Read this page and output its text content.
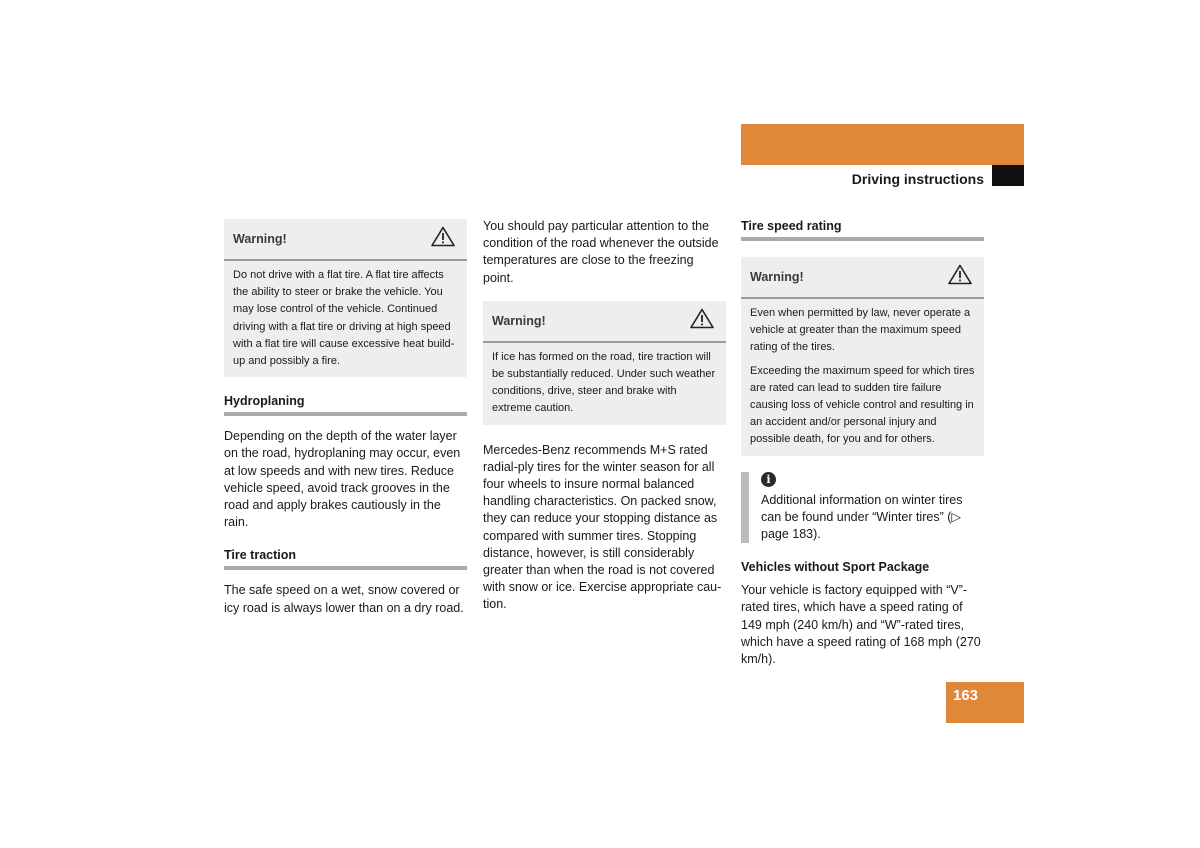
Operation
Driving instructions
Warning!
Do not drive with a flat tire. A flat tire affects the ability to steer or brake the vehicle. You may lose control of the vehicle. Continued driving with a flat tire or driving at high speed with a flat tire will cause excessive heat build-up and possibly a fire.
Hydroplaning

Depending on the depth of the water layer on the road, hydroplaning may occur, even at low speeds and with new tires. Reduce vehicle speed, avoid track grooves in the road and apply brakes cautiously in the rain.

Tire traction

The safe speed on a wet, snow covered or icy road is always lower than on a dry road.

You should pay particular attention to the condition of the road whenever the outside temperatures are close to the freezing point.

Warning!
If ice has formed on the road, tire traction will be substantially reduced. Under such weather conditions, drive, steer and brake with extreme caution.

Mercedes-Benz recommends M+S rated radial-ply tires for the winter season for all four wheels to insure normal balanced handling characteristics. On packed snow, they can reduce your stopping distance as compared with summer tires. Stopping distance, however, is still considerably greater than when the road is not covered with snow or ice. Exercise appropriate cau-tion.

Tire speed rating
Warning!

Even when permitted by law, never operate a vehicle at greater than the maximum speed rating of the tires.

Exceeding the maximum speed for which tires are rated can lead to sudden tire failure causing loss of vehicle control and resulting in an accident and/or personal injury and possible death, for you and for others.

i
Additional information on winter tires can be found under “Winter tires” (▷ page 183).
Vehicles without Sport Package

Your vehicle is factory equipped with “V”-rated tires, which have a speed rating of 149 mph (240 km/h) and “W”-rated tires, which have a speed rating of 168 mph (270 km/h).

163
